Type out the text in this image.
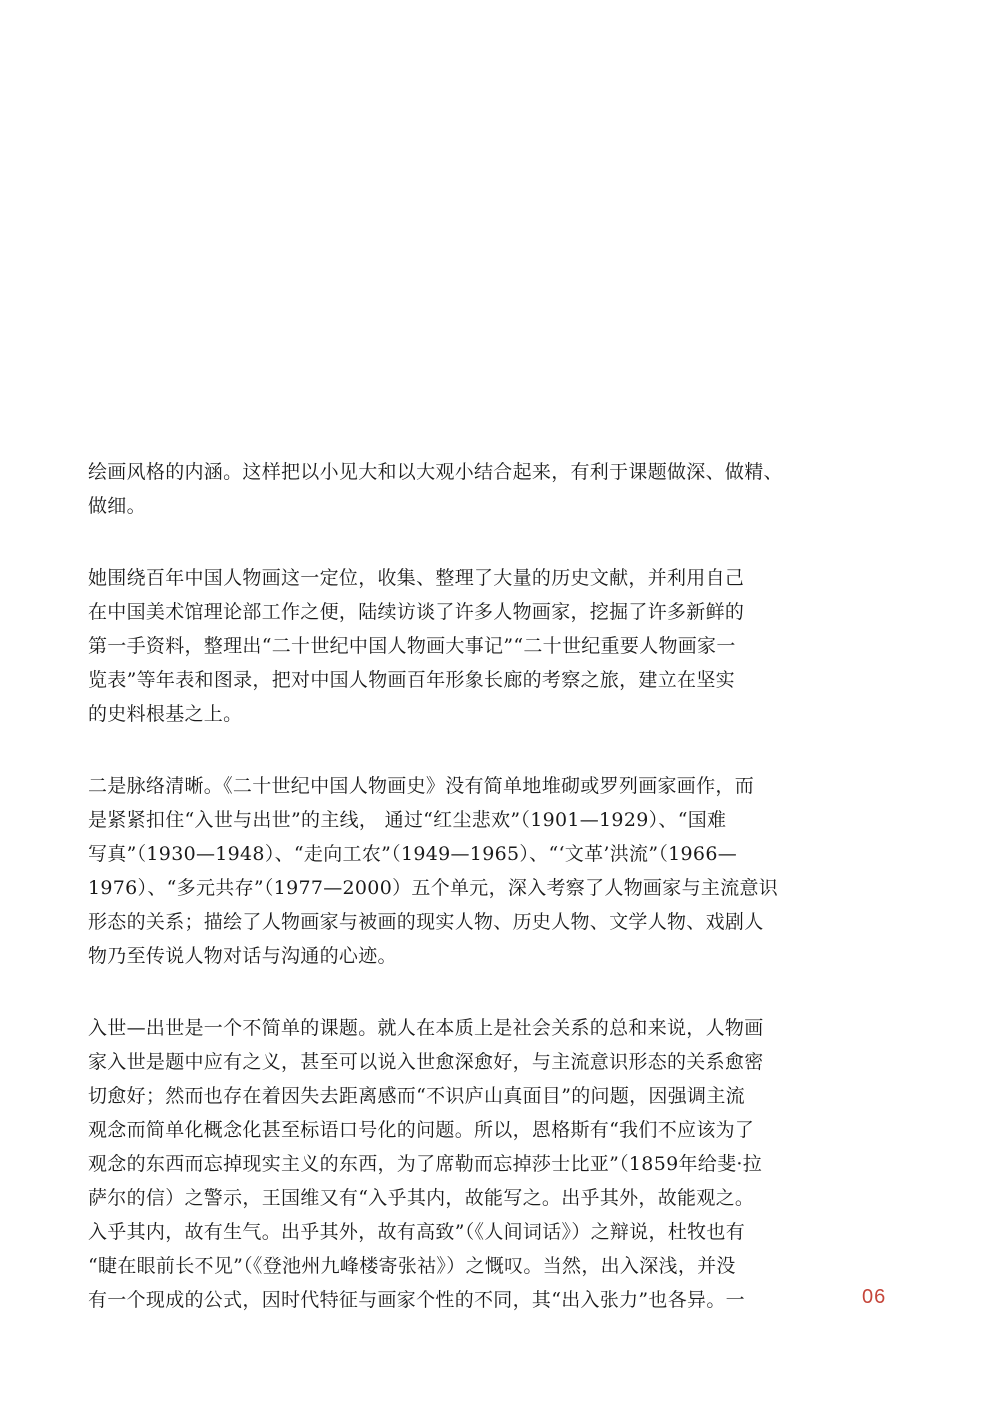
绘画风格的内涵。这样把以小见大和以大观小结合起来，有利于课题做深、做精、
做细。
她围绕百年中国人物画这一定位，收集、整理了大量的历史文献，并利用自己
在中国美术馆理论部工作之便，陆续访谈了许多人物画家，挖掘了许多新鲜的
第一手资料，整理出“二十世纪中国人物画大事记”“二十世纪重要人物画家一
览表”等年表和图录，把对中国人物画百年形象长廊的考察之旅，建立在坚实
的史料根基之上。
二是脉络清晰。《二十世纪中国人物画史》没有简单地堆砌或罗列画家画作，而
是紧紧扣住“入世与出世”的主线， 通过“红尘悲欢”（1901—1929）、“国难
写真”（1930—1948）、“走向工农”（1949—1965）、“‘文革’洪流”（1966—
1976）、“多元共存”（1977—2000）五个单元，深入考察了人物画家与主流意识
形态的关系；描绘了人物画家与被画的现实人物、历史人物、文学人物、戏剧人
物乃至传说人物对话与沟通的心迹。
入世—出世是一个不简单的课题。就人在本质上是社会关系的总和来说，人物画
家入世是题中应有之义，甚至可以说入世愈深愈好，与主流意识形态的关系愈密
切愈好；然而也存在着因失去距离感而“不识庐山真面目”的问题，因强调主流
观念而简单化概念化甚至标语口号化的问题。所以，恩格斯有“我们不应该为了
观念的东西而忘掉现实主义的东西，为了席勒而忘掉莎士比亚”（1859年给斐·拉
萨尔的信）之警示，王国维又有“入乎其内，故能写之。出乎其外，故能观之。
入乎其内，故有生气。出乎其外，故有高致”（《人间词话》）之辩说，杜牧也有
“睫在眼前长不见”（《登池州九峰楼寄张祜》）之慨叹。当然，出入深浅，并没
有一个现成的公式，因时代特征与画家个性的不同，其“出入张力”也各异。一	06
